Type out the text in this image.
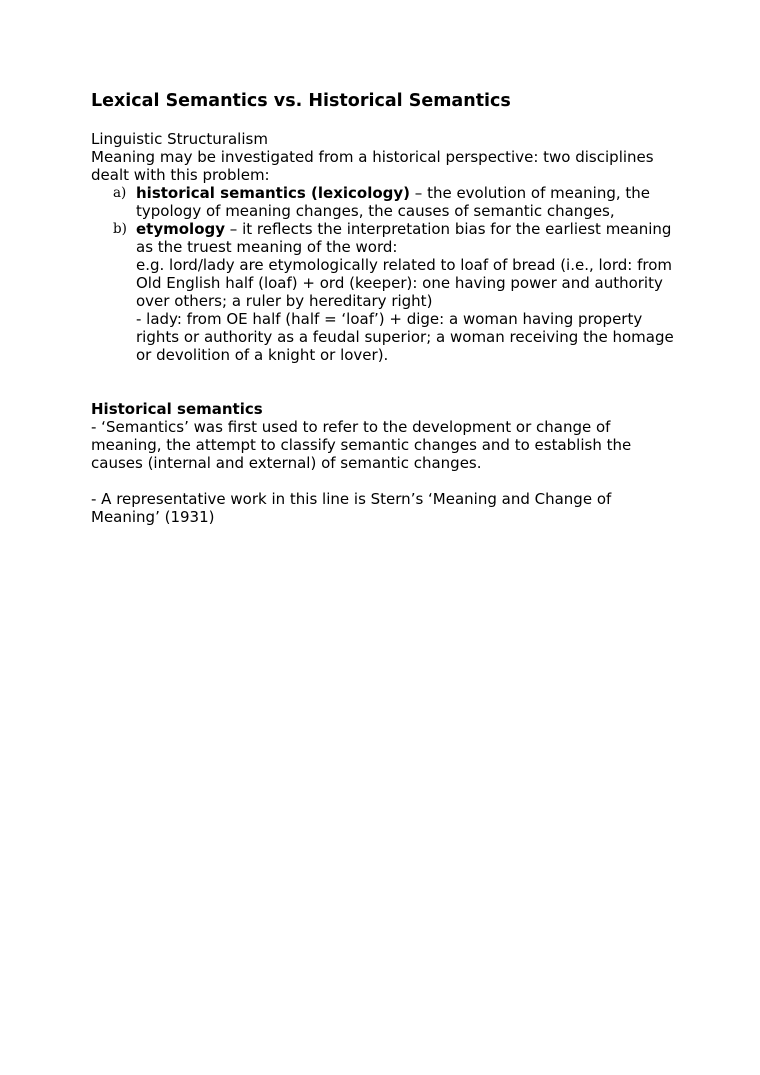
Lexical Semantics vs. Historical Semantics

Linguistic Structuralism

Meaning may be investigated from a historical perspective: two disciplines dealt with this problem:

a) historical semantics (lexicology) – the evolution of meaning, the typology of meaning changes, the causes of semantic changes,

b) etymology – it reflects the interpretation bias for the earliest meaning as the truest meaning of the word:

e.g. lord/lady are etymologically related to loaf of bread (i.e., lord: from Old English half (loaf) + ord (keeper): one having power and authority over others; a ruler by hereditary right)

- lady: from OE half (half = ‘loaf’) + dige: a woman having property rights or authority as a feudal superior; a woman receiving the homage or devolition of a knight or lover).

Historical semantics

- ‘Semantics’ was first used to refer to the development or change of meaning, the attempt to classify semantic changes and to establish the causes (internal and external) of semantic changes.

- A representative work in this line is Stern’s ‘Meaning and Change of Meaning’ (1931)
